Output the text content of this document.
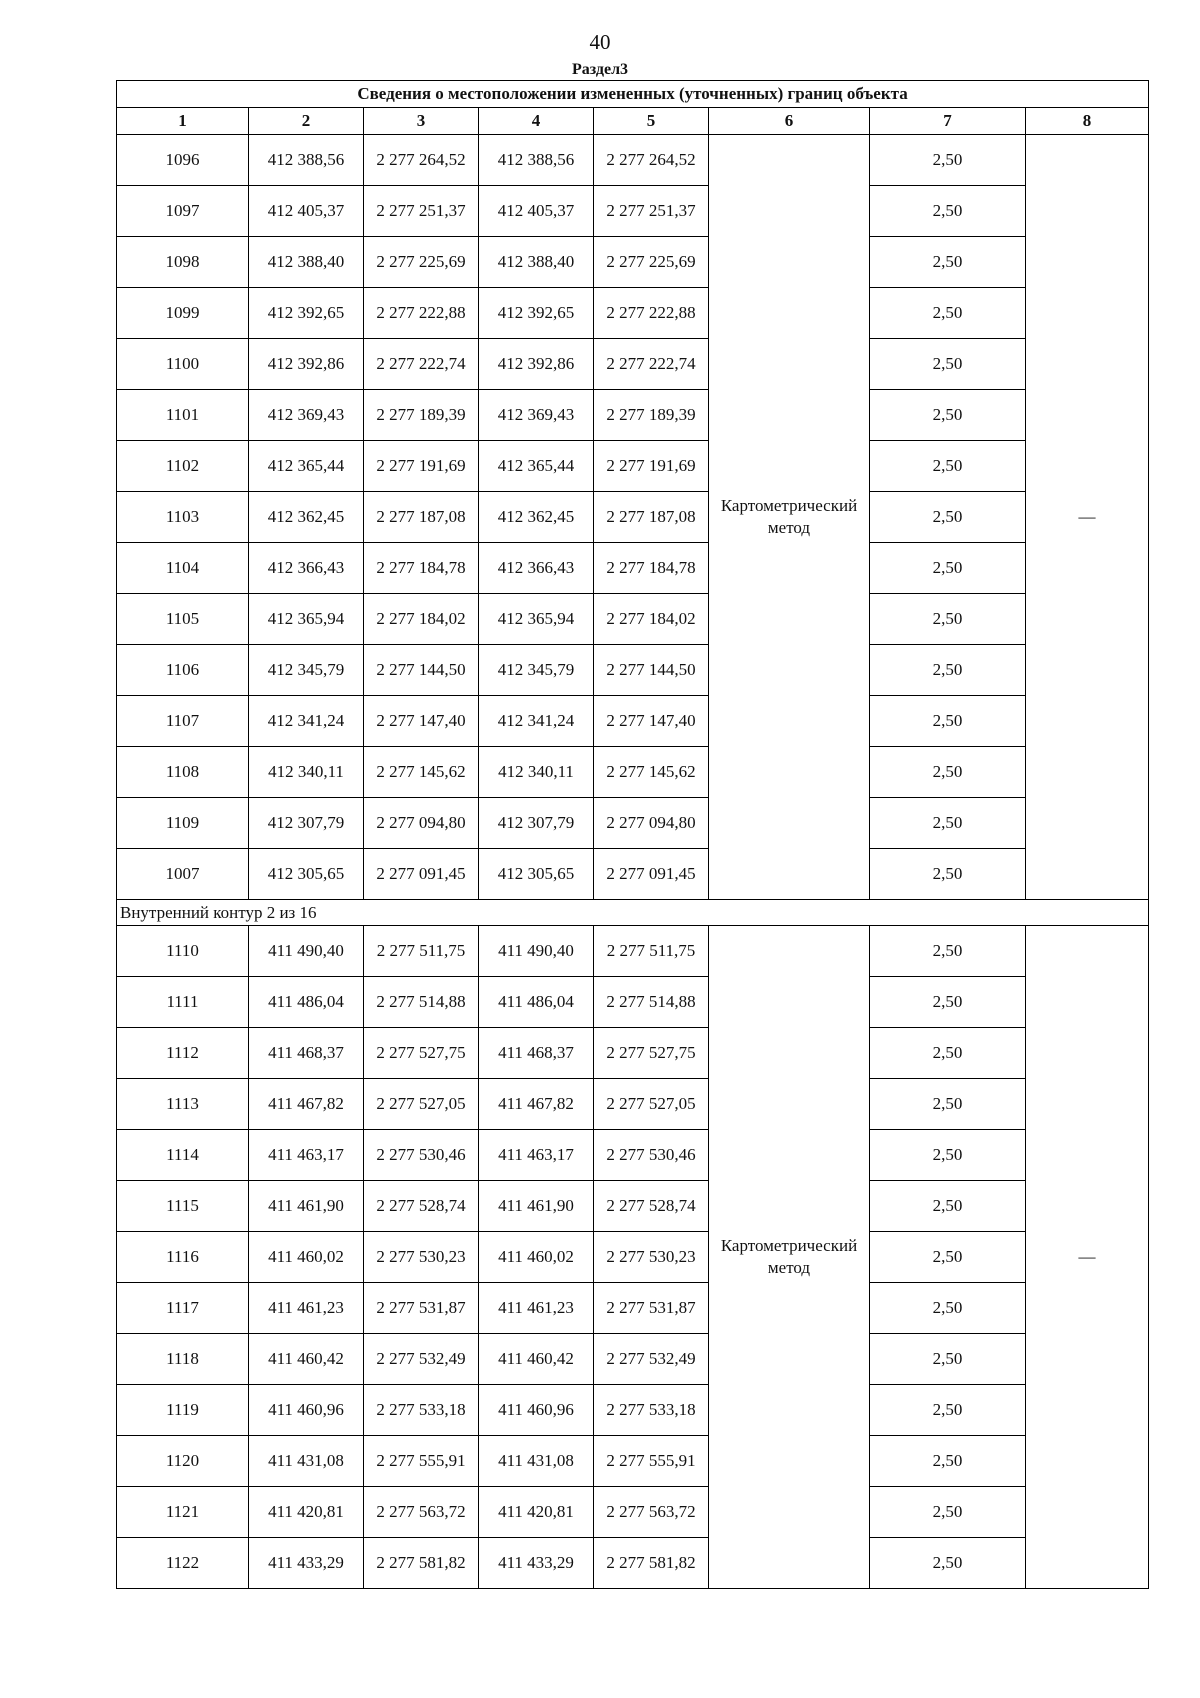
40
Раздел3
Сведения о местоположении измененных (уточненных) границ объекта							
1	2	3	4	5	6	7	8
1096	412 388,56	2 277 264,52	412 388,56	2 277 264,52	Картометрический метод	2,50	—
1097	412 405,37	2 277 251,37	412 405,37	2 277 251,37		2,50	
1098	412 388,40	2 277 225,69	412 388,40	2 277 225,69		2,50	
1099	412 392,65	2 277 222,88	412 392,65	2 277 222,88		2,50	
1100	412 392,86	2 277 222,74	412 392,86	2 277 222,74		2,50	
1101	412 369,43	2 277 189,39	412 369,43	2 277 189,39		2,50	
1102	412 365,44	2 277 191,69	412 365,44	2 277 191,69		2,50	
1103	412 362,45	2 277 187,08	412 362,45	2 277 187,08		2,50	
1104	412 366,43	2 277 184,78	412 366,43	2 277 184,78		2,50	
1105	412 365,94	2 277 184,02	412 365,94	2 277 184,02		2,50	
1106	412 345,79	2 277 144,50	412 345,79	2 277 144,50		2,50	
1107	412 341,24	2 277 147,40	412 341,24	2 277 147,40		2,50	
1108	412 340,11	2 277 145,62	412 340,11	2 277 145,62		2,50	
1109	412 307,79	2 277 094,80	412 307,79	2 277 094,80		2,50	
1007	412 305,65	2 277 091,45	412 305,65	2 277 091,45		2,50	
Внутренний контур 2 из 16							
1110	411 490,40	2 277 511,75	411 490,40	2 277 511,75	Картометрический метод	2,50	—
1111	411 486,04	2 277 514,88	411 486,04	2 277 514,88		2,50	
1112	411 468,37	2 277 527,75	411 468,37	2 277 527,75		2,50	
1113	411 467,82	2 277 527,05	411 467,82	2 277 527,05		2,50	
1114	411 463,17	2 277 530,46	411 463,17	2 277 530,46		2,50	
1115	411 461,90	2 277 528,74	411 461,90	2 277 528,74		2,50	
1116	411 460,02	2 277 530,23	411 460,02	2 277 530,23		2,50	
1117	411 461,23	2 277 531,87	411 461,23	2 277 531,87		2,50	
1118	411 460,42	2 277 532,49	411 460,42	2 277 532,49		2,50	
1119	411 460,96	2 277 533,18	411 460,96	2 277 533,18		2,50	
1120	411 431,08	2 277 555,91	411 431,08	2 277 555,91		2,50	
1121	411 420,81	2 277 563,72	411 420,81	2 277 563,72		2,50	
1122	411 433,29	2 277 581,82	411 433,29	2 277 581,82		2,50	
